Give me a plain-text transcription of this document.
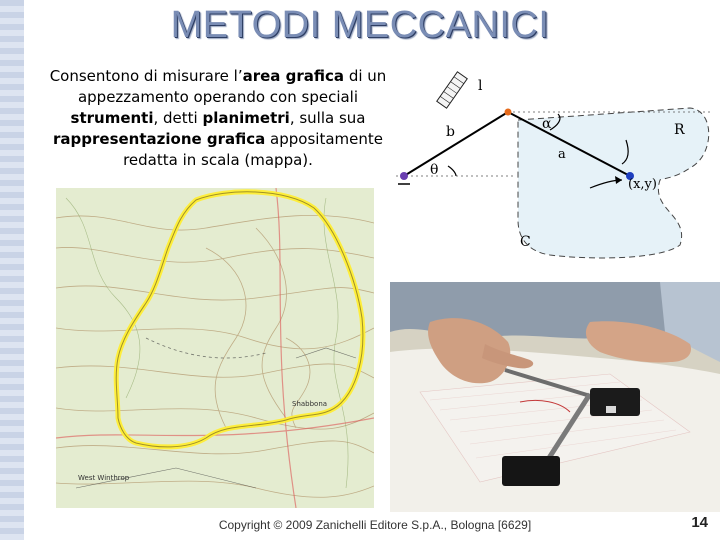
METODI MECCANICI
Consentono di misurare l’area grafica di un appezzamento operando con speciali strumenti, detti planimetri, sulla sua rappresentazione grafica appositamente redatta in scala (mappa).
Shabbona
West Winthrop
l
α	R
b
a
θ
(x,y)
C
Copyright © 2009 Zanichelli Editore S.p.A., Bologna [6629]	14
